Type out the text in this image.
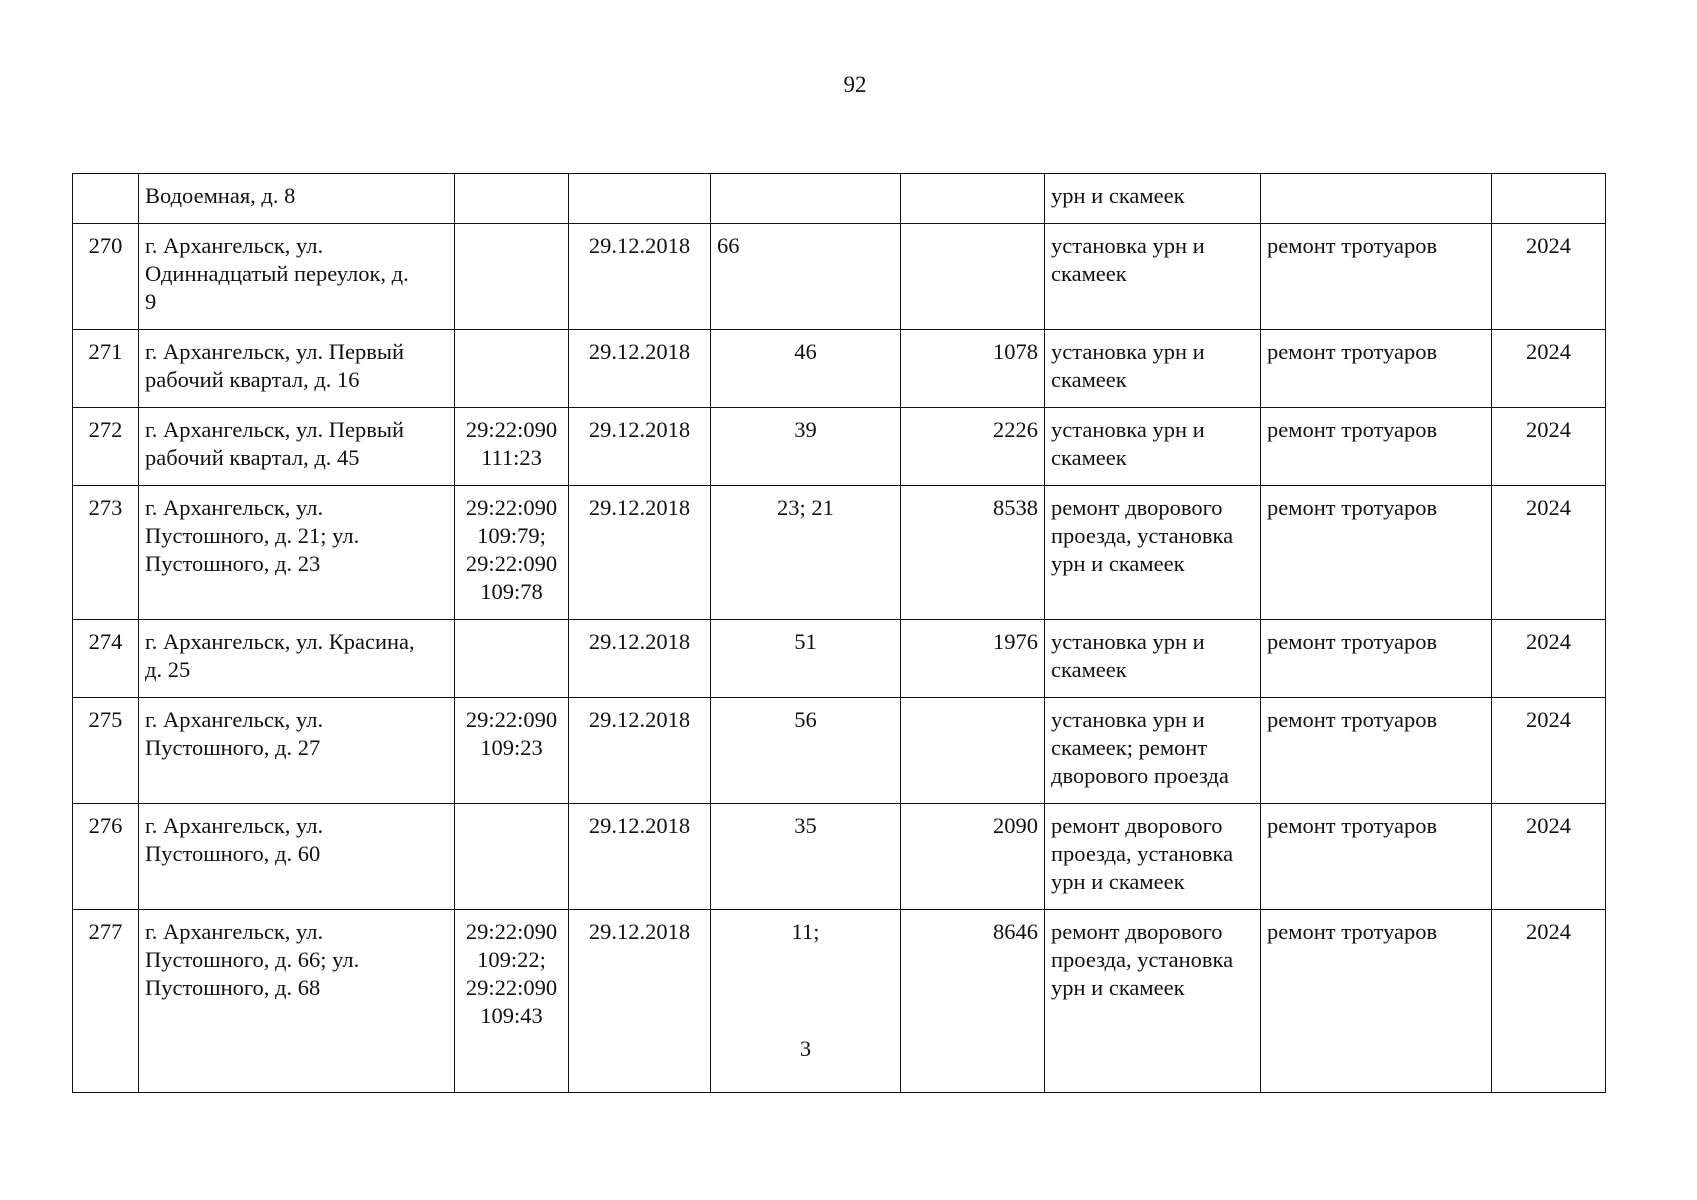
92

	Водоемная, д. 8					урн и скамеек		

270	г. Архангельск, ул.
Одиннадцатый переулок, д.
9		29.12.2018	66		установка урн и
скамеек	ремонт тротуаров	2024

271	г. Архангельск, ул. Первый
рабочий квартал, д. 16		29.12.2018	46	1078	установка урн и
скамеек	ремонт тротуаров	2024

272	г. Архангельск, ул. Первый
рабочий квартал, д. 45	29:22:090
111:23	29.12.2018	39	2226	установка урн и
скамеек	ремонт тротуаров	2024

273	г. Архангельск, ул.
Пустошного, д. 21; ул.
Пустошного, д. 23	29:22:090
109:79;
29:22:090
109:78	29.12.2018	23; 21	8538	ремонт дворового
проезда, установка
урн и скамеек	ремонт тротуаров	2024

274	г. Архангельск, ул. Красина,
д. 25		29.12.2018	51	1976	установка урн и
скамеек	ремонт тротуаров	2024

275	г. Архангельск, ул.
Пустошного, д. 27	29:22:090
109:23	29.12.2018	56		установка урн и
скамеек; ремонт
дворового проезда	ремонт тротуаров	2024

276	г. Архангельск, ул.
Пустошного, д. 60		29.12.2018	35	2090	ремонт дворового
проезда, установка
урн и скамеек	ремонт тротуаров	2024

277	г. Архангельск, ул.
Пустошного, д. 66; ул.
Пустошного, д. 68	29:22:090
109:22;
29:22:090
109:43	29.12.2018	11;
3	8646	ремонт дворового
проезда, установка
урн и скамеек	ремонт тротуаров	2024
